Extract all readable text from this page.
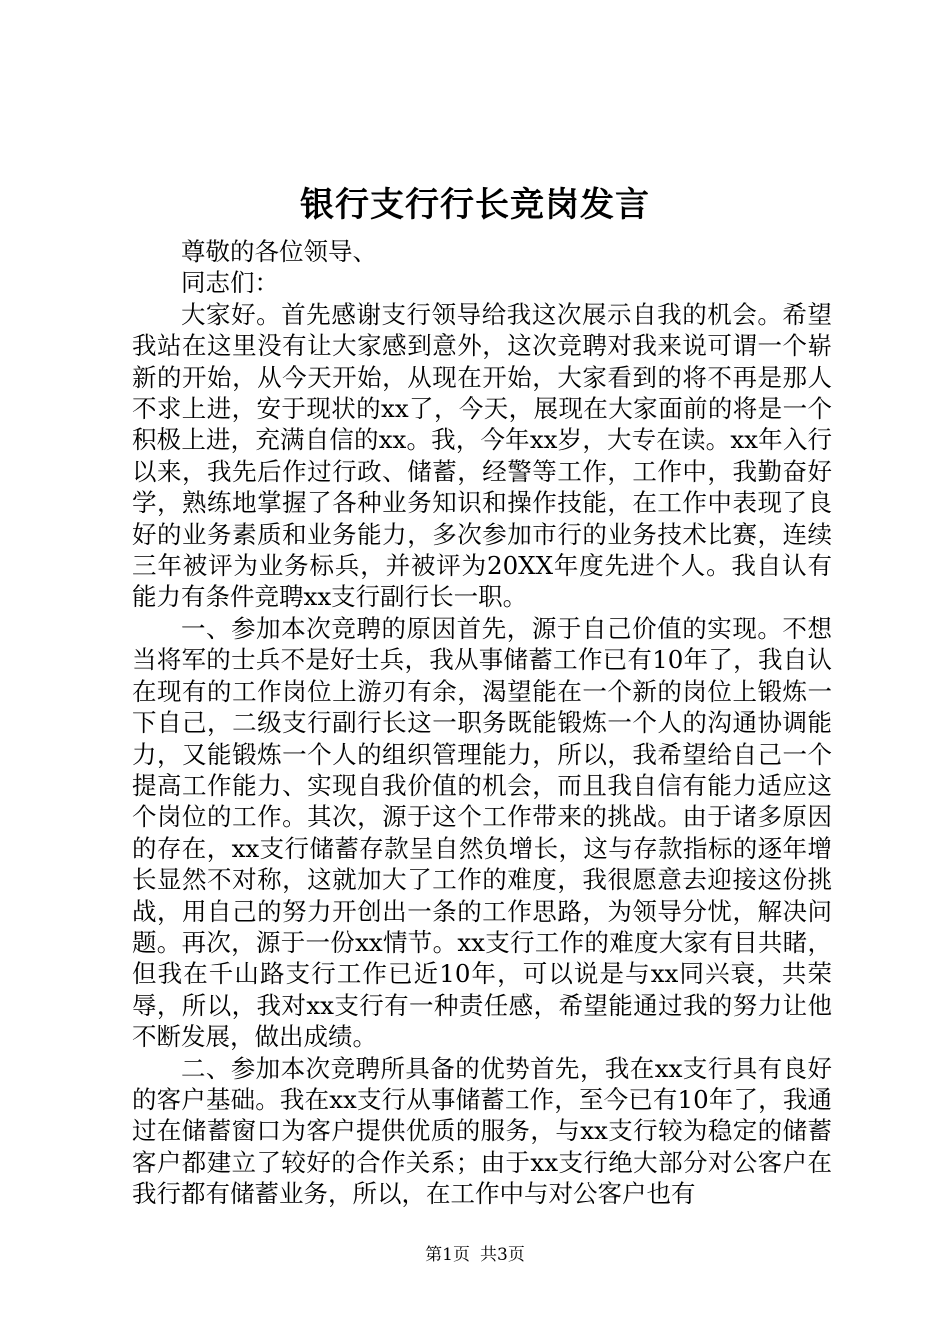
银行支行行长竞岗发言

尊敬的各位领导、

同志们：

大家好。首先感谢支行领导给我这次展示自我的机会。希望我站在这里没有让大家感到意外，这次竞聘对我来说可谓一个崭新的开始，从今天开始，从现在开始，大家看到的将不再是那人不求上进，安于现状的xx了，今天，展现在大家面前的将是一个积极上进，充满自信的xx。我，今年xx岁，大专在读。xx年入行以来，我先后作过行政、储蓄，经警等工作，工作中，我勤奋好学，熟练地掌握了各种业务知识和操作技能，在工作中表现了良好的业务素质和业务能力，多次参加市行的业务技术比赛，连续三年被评为业务标兵，并被评为20XX年度先进个人。我自认有能力有条件竞聘xx支行副行长一职。

一、参加本次竞聘的原因首先，源于自己价值的实现。不想当将军的士兵不是好士兵，我从事储蓄工作已有10年了，我自认在现有的工作岗位上游刃有余，渴望能在一个新的岗位上锻炼一下自己，二级支行副行长这一职务既能锻炼一个人的沟通协调能力，又能锻炼一个人的组织管理能力，所以，我希望给自己一个提高工作能力、实现自我价值的机会，而且我自信有能力适应这个岗位的工作。其次，源于这个工作带来的挑战。由于诸多原因的存在，xx支行储蓄存款呈自然负增长，这与存款指标的逐年增长显然不对称，这就加大了工作的难度，我很愿意去迎接这份挑战，用自己的努力开创出一条的工作思路，为领导分忧，解决问题。再次，源于一份xx情节。xx支行工作的难度大家有目共睹，但我在千山路支行工作已近10年，可以说是与xx同兴衰，共荣辱，所以，我对xx支行有一种责任感，希望能通过我的努力让他不断发展，做出成绩。

二、参加本次竞聘所具备的优势首先，我在xx支行具有良好的客户基础。我在xx支行从事储蓄工作，至今已有10年了，我通过在储蓄窗口为客户提供优质的服务，与xx支行较为稳定的储蓄客户都建立了较好的合作关系；由于xx支行绝大部分对公客户在我行都有储蓄业务，所以，在工作中与对公客户也有

第1页 共3页
